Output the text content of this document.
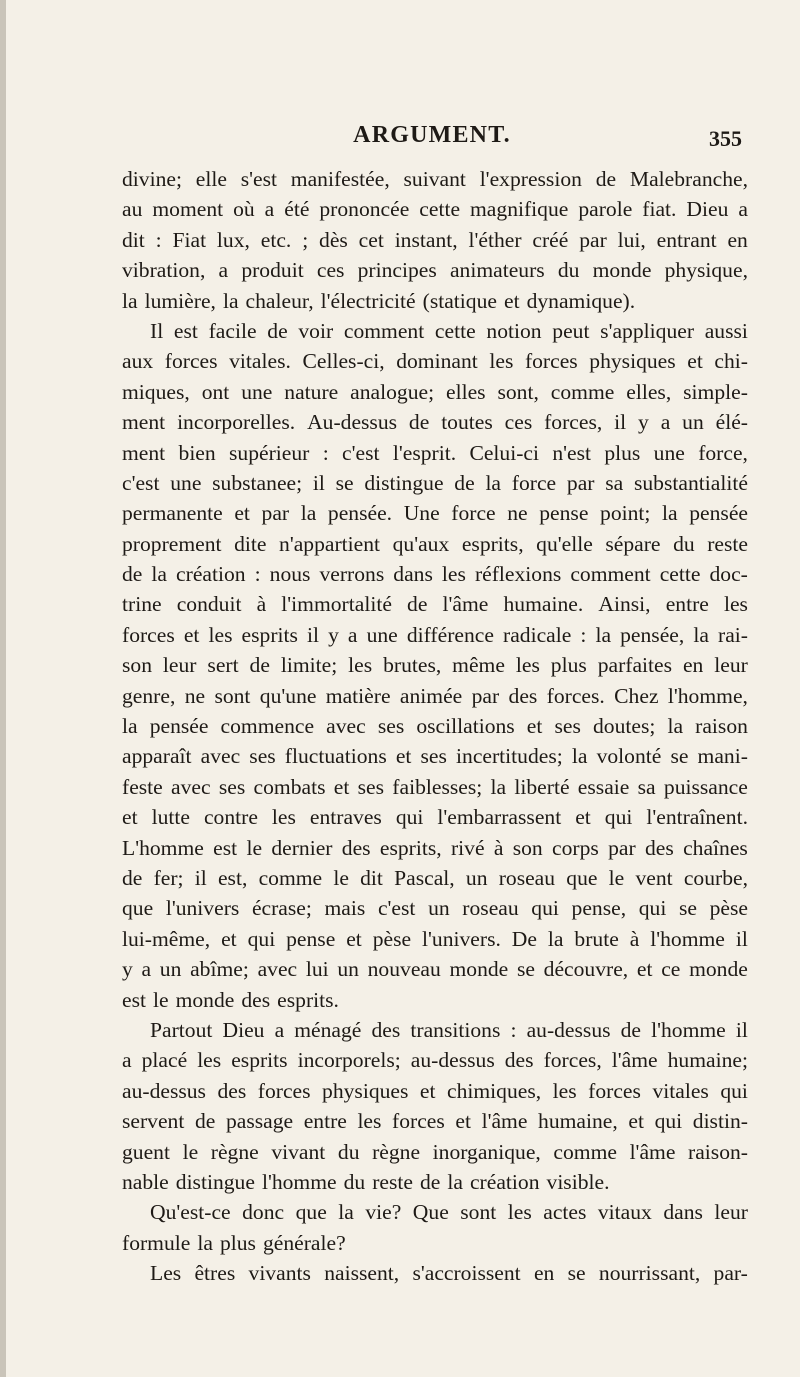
ARGUMENT.	355
divine; elle s'est manifestée, suivant l'expression de Malebranche,
au moment où a été prononcée cette magnifique parole fiat. Dieu a
dit : Fiat lux, etc. ; dès cet instant, l'éther créé par lui, entrant en
vibration, a produit ces principes animateurs du monde physique,
la lumière, la chaleur, l'électricité (statique et dynamique).
Il est facile de voir comment cette notion peut s'appliquer aussi
aux forces vitales. Celles-ci, dominant les forces physiques et chi-
miques, ont une nature analogue; elles sont, comme elles, simple-
ment incorporelles. Au-dessus de toutes ces forces, il y a un élé-
ment bien supérieur : c'est l'esprit. Celui-ci n'est plus une force,
c'est une substanee; il se distingue de la force par sa substantialité
permanente et par la pensée. Une force ne pense point; la pensée
proprement dite n'appartient qu'aux esprits, qu'elle sépare du reste
de la création : nous verrons dans les réflexions comment cette doc-
trine conduit à l'immortalité de l'âme humaine. Ainsi, entre les
forces et les esprits il y a une différence radicale : la pensée, la rai-
son leur sert de limite; les brutes, même les plus parfaites en leur
genre, ne sont qu'une matière animée par des forces. Chez l'homme,
la pensée commence avec ses oscillations et ses doutes; la raison
apparaît avec ses fluctuations et ses incertitudes; la volonté se mani-
feste avec ses combats et ses faiblesses; la liberté essaie sa puissance
et lutte contre les entraves qui l'embarrassent et qui l'entraînent.
L'homme est le dernier des esprits, rivé à son corps par des chaînes
de fer; il est, comme le dit Pascal, un roseau que le vent courbe,
que l'univers écrase; mais c'est un roseau qui pense, qui se pèse
lui-même, et qui pense et pèse l'univers. De la brute à l'homme il
y a un abîme; avec lui un nouveau monde se découvre, et ce monde
est le monde des esprits.
Partout Dieu a ménagé des transitions : au-dessus de l'homme il
a placé les esprits incorporels; au-dessus des forces, l'âme humaine;
au-dessus des forces physiques et chimiques, les forces vitales qui
servent de passage entre les forces et l'âme humaine, et qui distin-
guent le règne vivant du règne inorganique, comme l'âme raison-
nable distingue l'homme du reste de la création visible.
Qu'est-ce donc que la vie? Que sont les actes vitaux dans leur
formule la plus générale?
Les êtres vivants naissent, s'accroissent en se nourrissant, par-
